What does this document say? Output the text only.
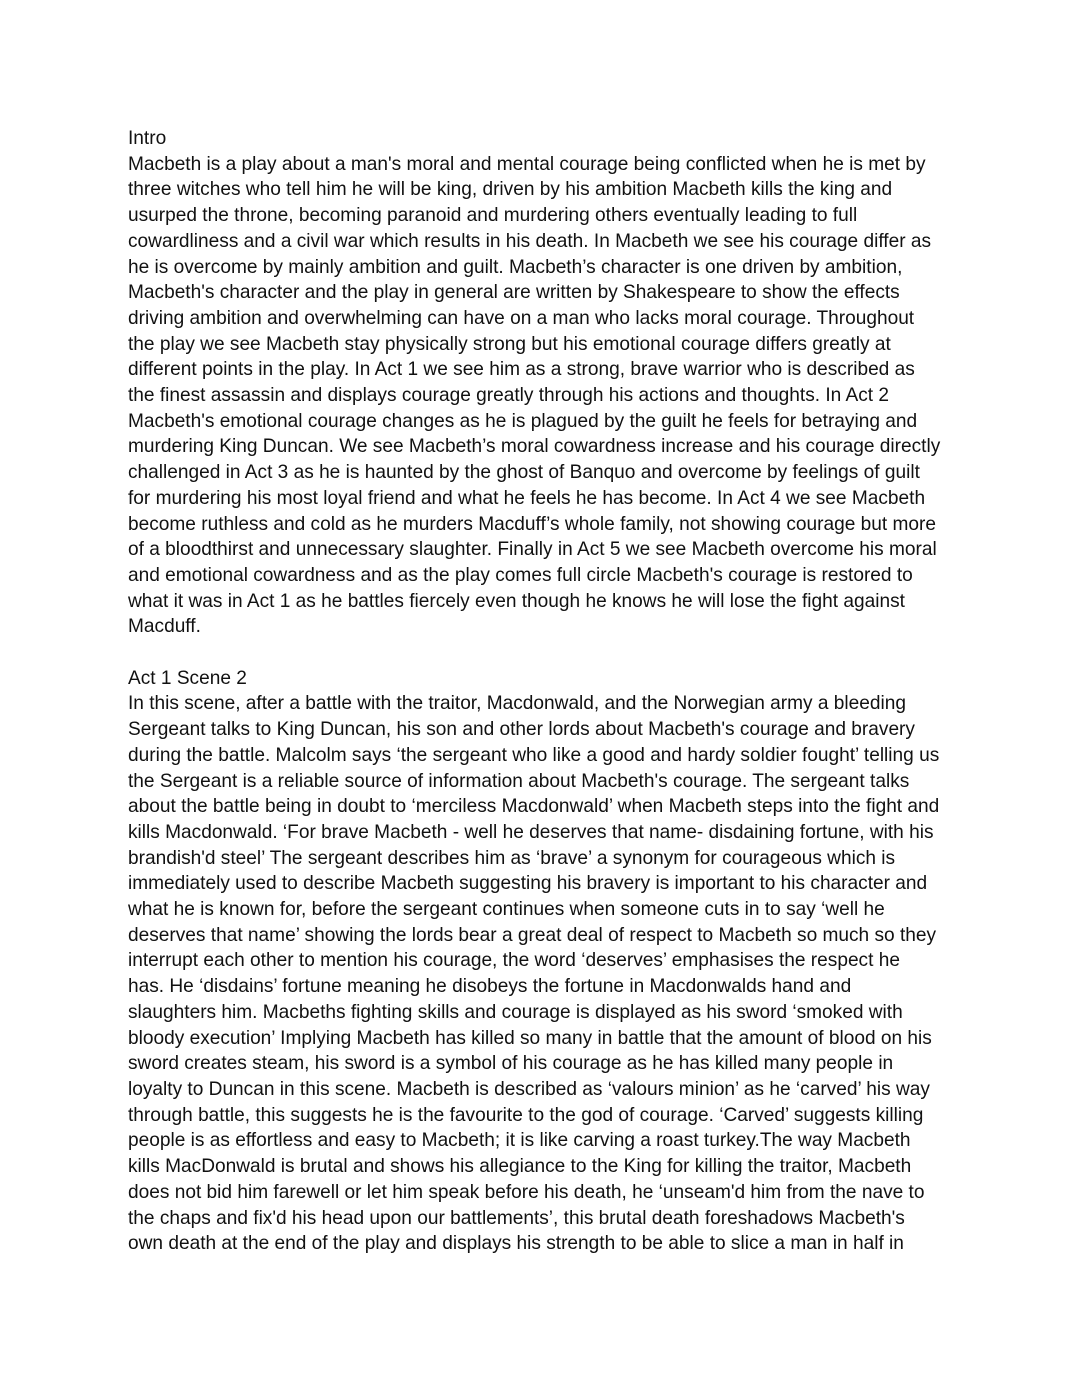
Intro

Macbeth is a play about a man's moral and mental courage being conflicted when he is met by
three witches who tell him he will be king, driven by his ambition Macbeth kills the king and
usurped the throne, becoming paranoid and murdering others eventually leading to full
cowardliness and a civil war which results in his death. In Macbeth we see his courage differ as
he is overcome by mainly ambition and guilt. Macbeth’s character is one driven by ambition,
Macbeth's character and the play in general are written by Shakespeare to show the effects
driving ambition and overwhelming can have on a man who lacks moral courage. Throughout
the play we see Macbeth stay physically strong but his emotional courage differs greatly at
different points in the play. In Act 1 we see him as a strong, brave warrior who is described as
the finest assassin and displays courage greatly through his actions and thoughts. In Act 2
Macbeth's emotional courage changes as he is plagued by the guilt he feels for betraying and
murdering King Duncan. We see Macbeth’s moral cowardness increase and his courage directly
challenged in Act 3 as he is haunted by the ghost of Banquo and overcome by feelings of guilt
for murdering his most loyal friend and what he feels he has become. In Act 4 we see Macbeth
become ruthless and cold as he murders Macduff’s whole family, not showing courage but more
of a bloodthirst and unnecessary slaughter. Finally in Act 5 we see Macbeth overcome his moral
and emotional cowardness and as the play comes full circle Macbeth's courage is restored to
what it was in Act 1 as he battles fiercely even though he knows he will lose the fight against
Macduff.

Act 1 Scene 2

In this scene, after a battle with the traitor, Macdonwald, and the Norwegian army a bleeding
Sergeant talks to King Duncan, his son and other lords about Macbeth's courage and bravery
during the battle. Malcolm says ‘the sergeant who like a good and hardy soldier fought’ telling us
the Sergeant is a reliable source of information about Macbeth's courage. The sergeant talks
about the battle being in doubt to ‘merciless Macdonwald’ when Macbeth steps into the fight and
kills Macdonwald. ‘For brave Macbeth - well he deserves that name- disdaining fortune, with his
brandish'd steel’ The sergeant describes him as ‘brave’ a synonym for courageous which is
immediately used to describe Macbeth suggesting his bravery is important to his character and
what he is known for, before the sergeant continues when someone cuts in to say ‘well he
deserves that name’ showing the lords bear a great deal of respect to Macbeth so much so they
interrupt each other to mention his courage, the word ‘deserves’ emphasises the respect he
has. He ‘disdains’ fortune meaning he disobeys the fortune in Macdonwalds hand and
slaughters him. Macbeths fighting skills and courage is displayed as his sword ‘smoked with
bloody execution’ Implying Macbeth has killed so many in battle that the amount of blood on his
sword creates steam, his sword is a symbol of his courage as he has killed many people in
loyalty to Duncan in this scene. Macbeth is described as ‘valours minion’ as he ‘carved’ his way
through battle, this suggests he is the favourite to the god of courage. ‘Carved’ suggests killing
people is as effortless and easy to Macbeth; it is like carving a roast turkey.The way Macbeth
kills MacDonwald is brutal and shows his allegiance to the King for killing the traitor, Macbeth
does not bid him farewell or let him speak before his death, he ‘unseam'd him from the nave to
the chaps and fix'd his head upon our battlements’, this brutal death foreshadows Macbeth's
own death at the end of the play and displays his strength to be able to slice a man in half in
